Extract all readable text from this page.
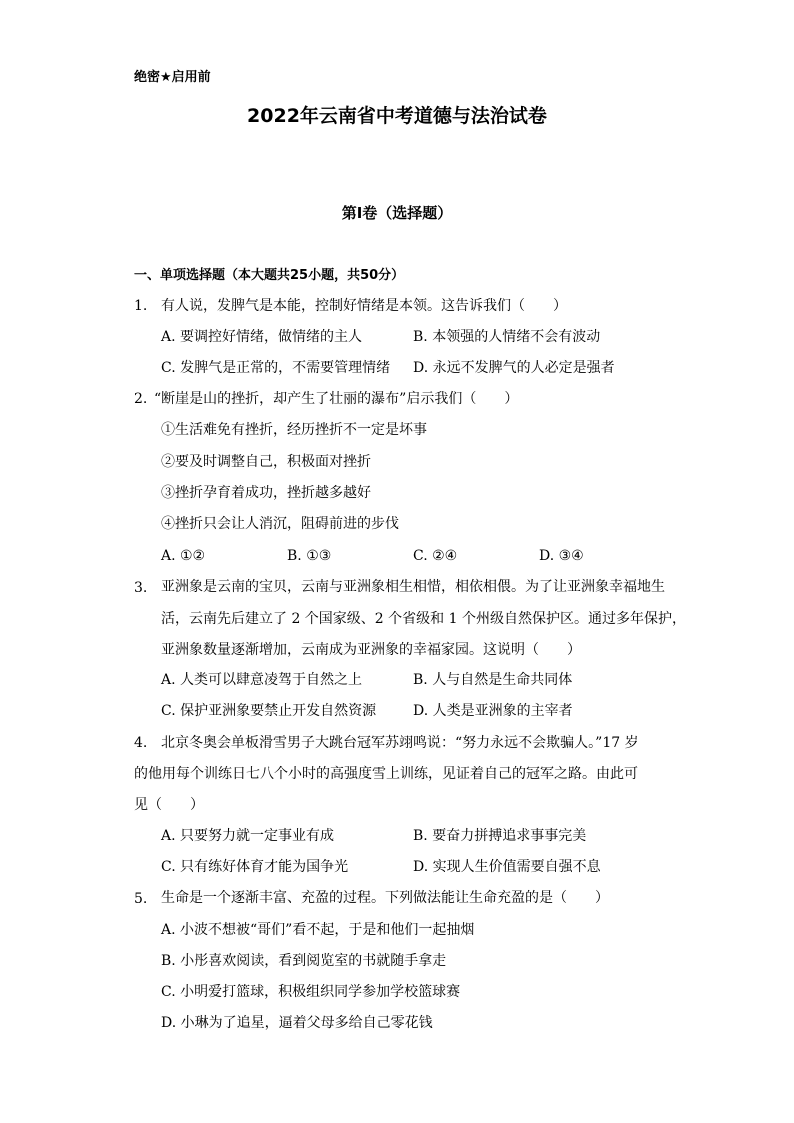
绝密★启用前
2022年云南省中考道德与法治试卷
第I卷（选择题）
一、单项选择题（本大题共25小题，共50分）
1. 有人说，发脾气是本能，控制好情绪是本领。这告诉我们（　　）
A. 要调控好情绪，做情绪的主人	B. 本领强的人情绪不会有波动
C. 发脾气是正常的，不需要管理情绪 D. 永远不发脾气的人必定是强者
2. “断崖是山的挫折，却产生了壮丽的瀑布”启示我们（　　）
①生活难免有挫折，经历挫折不一定是坏事
②要及时调整自己，积极面对挫折
③挫折孕育着成功，挫折越多越好
④挫折只会让人消沉，阻碍前进的步伐
A. ①②	B. ①③	C. ②④	D. ③④
3. 亚洲象是云南的宝贝，云南与亚洲象相生相惜，相依相偎。为了让亚洲象幸福地生
活，云南先后建立了 2 个国家级、2 个省级和 1 个州级自然保护区。通过多年保护，
亚洲象数量逐渐增加，云南成为亚洲象的幸福家园。这说明（　　）
A. 人类可以肆意凌驾于自然之上	B. 人与自然是生命共同体
C. 保护亚洲象要禁止开发自然资源	D. 人类是亚洲象的主宰者
4. 北京冬奥会单板滑雪男子大跳台冠军苏翊鸣说：“努力永远不会欺骗人。”17 岁
的他用每个训练日七八个小时的高强度雪上训练，见证着自己的冠军之路。由此可
见（　　）
A. 只要努力就一定事业有成	B. 要奋力拼搏追求事事完美
C. 只有练好体育才能为国争光	D. 实现人生价值需要自强不息
5. 生命是一个逐渐丰富、充盈的过程。下列做法能让生命充盈的是（　　）
A. 小波不想被“哥们”看不起，于是和他们一起抽烟
B. 小彤喜欢阅读，看到阅览室的书就随手拿走
C. 小明爱打篮球，积极组织同学参加学校篮球赛
D. 小琳为了追星，逼着父母多给自己零花钱
